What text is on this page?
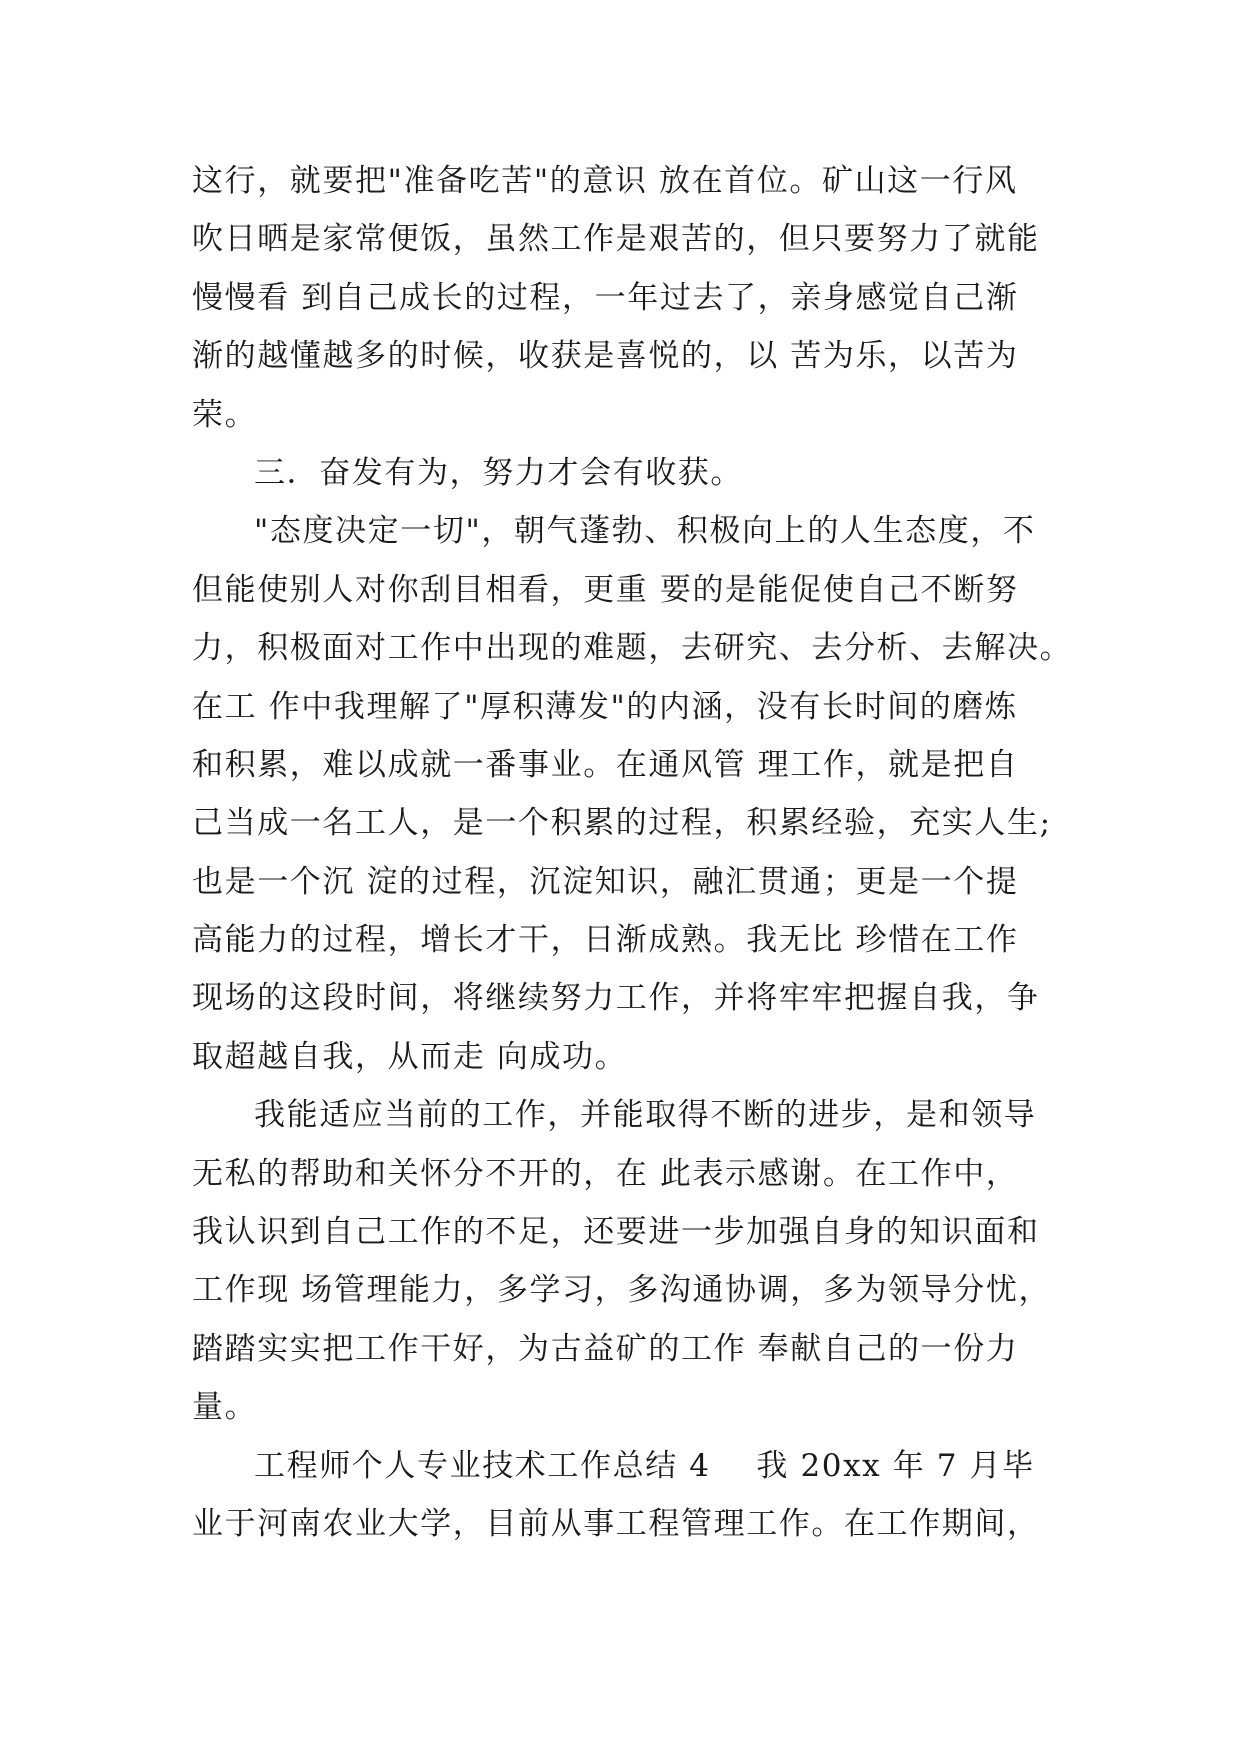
这行，就要把"准备吃苦"的意识 放在首位。矿山这一行风
吹日晒是家常便饭，虽然工作是艰苦的，但只要努力了就能
慢慢看 到自己成长的过程，一年过去了，亲身感觉自己渐
渐的越懂越多的时候，收获是喜悦的，以 苦为乐，以苦为
荣。
三．奋发有为，努力才会有收获。
"态度决定一切"，朝气蓬勃、积极向上的人生态度，不
但能使别人对你刮目相看，更重 要的是能促使自己不断努
力，积极面对工作中出现的难题，去研究、去分析、去解决。
在工 作中我理解了"厚积薄发"的内涵，没有长时间的磨炼
和积累，难以成就一番事业。在通风管 理工作，就是把自
己当成一名工人，是一个积累的过程，积累经验，充实人生;
也是一个沉 淀的过程，沉淀知识，融汇贯通；更是一个提
高能力的过程，增长才干，日渐成熟。我无比 珍惜在工作
现场的这段时间，将继续努力工作，并将牢牢把握自我，争
取超越自我，从而走 向成功。
我能适应当前的工作，并能取得不断的进步，是和领导
无私的帮助和关怀分不开的，在 此表示感谢。在工作中，
我认识到自己工作的不足，还要进一步加强自身的知识面和
工作现 场管理能力，多学习，多沟通协调，多为领导分忧，
踏踏实实把工作干好，为古益矿的工作 奉献自己的一份力
量。
工程师个人专业技术工作总结 4    我 20xx 年 7 月毕
业于河南农业大学，目前从事工程管理工作。在工作期间，
